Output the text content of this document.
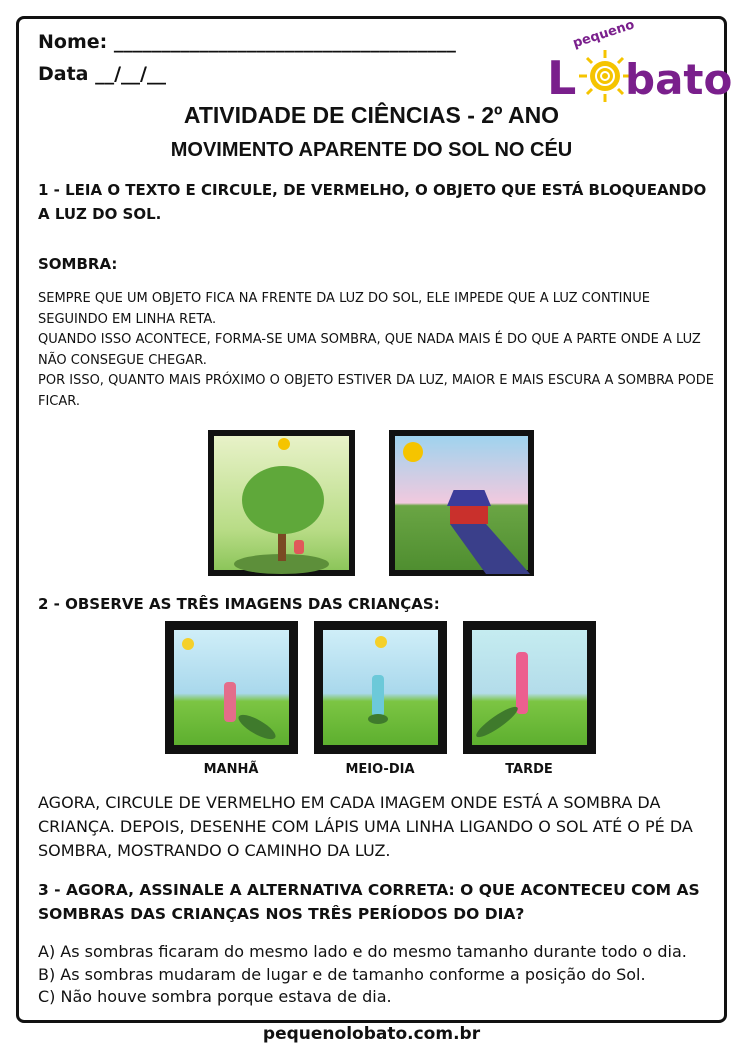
Nome: ____________________________________
Data __/__/__
pequeno
L bato
ATIVIDADE DE CIÊNCIAS - 2º ANO
MOVIMENTO APARENTE DO SOL NO CÉU
1 - LEIA O TEXTO E CIRCULE, DE VERMELHO, O OBJETO QUE ESTÁ BLOQUEANDO A LUZ DO SOL.
SOMBRA:
SEMPRE QUE UM OBJETO FICA NA FRENTE DA LUZ DO SOL, ELE IMPEDE QUE A LUZ CONTINUE SEGUINDO EM LINHA RETA.
QUANDO ISSO ACONTECE, FORMA-SE UMA SOMBRA, QUE NADA MAIS É DO QUE A PARTE ONDE A LUZ NÃO CONSEGUE CHEGAR.
POR ISSO, QUANTO MAIS PRÓXIMO O OBJETO ESTIVER DA LUZ, MAIOR E MAIS ESCURA A SOMBRA PODE FICAR.
2 - OBSERVE AS TRÊS IMAGENS DAS CRIANÇAS:
MANHÃ	MEIO-DIA	TARDE
AGORA, CIRCULE DE VERMELHO EM CADA IMAGEM ONDE ESTÁ A SOMBRA DA CRIANÇA. DEPOIS, DESENHE COM LÁPIS UMA LINHA LIGANDO O SOL ATÉ O PÉ DA SOMBRA, MOSTRANDO O CAMINHO DA LUZ.
3 - AGORA, ASSINALE A ALTERNATIVA CORRETA: O QUE ACONTECEU COM AS SOMBRAS DAS CRIANÇAS NOS TRÊS PERÍODOS DO DIA?
A) As sombras ficaram do mesmo lado e do mesmo tamanho durante todo o dia.
B) As sombras mudaram de lugar e de tamanho conforme a posição do Sol.
C) Não houve sombra porque estava de dia.
pequenolobato.com.br
